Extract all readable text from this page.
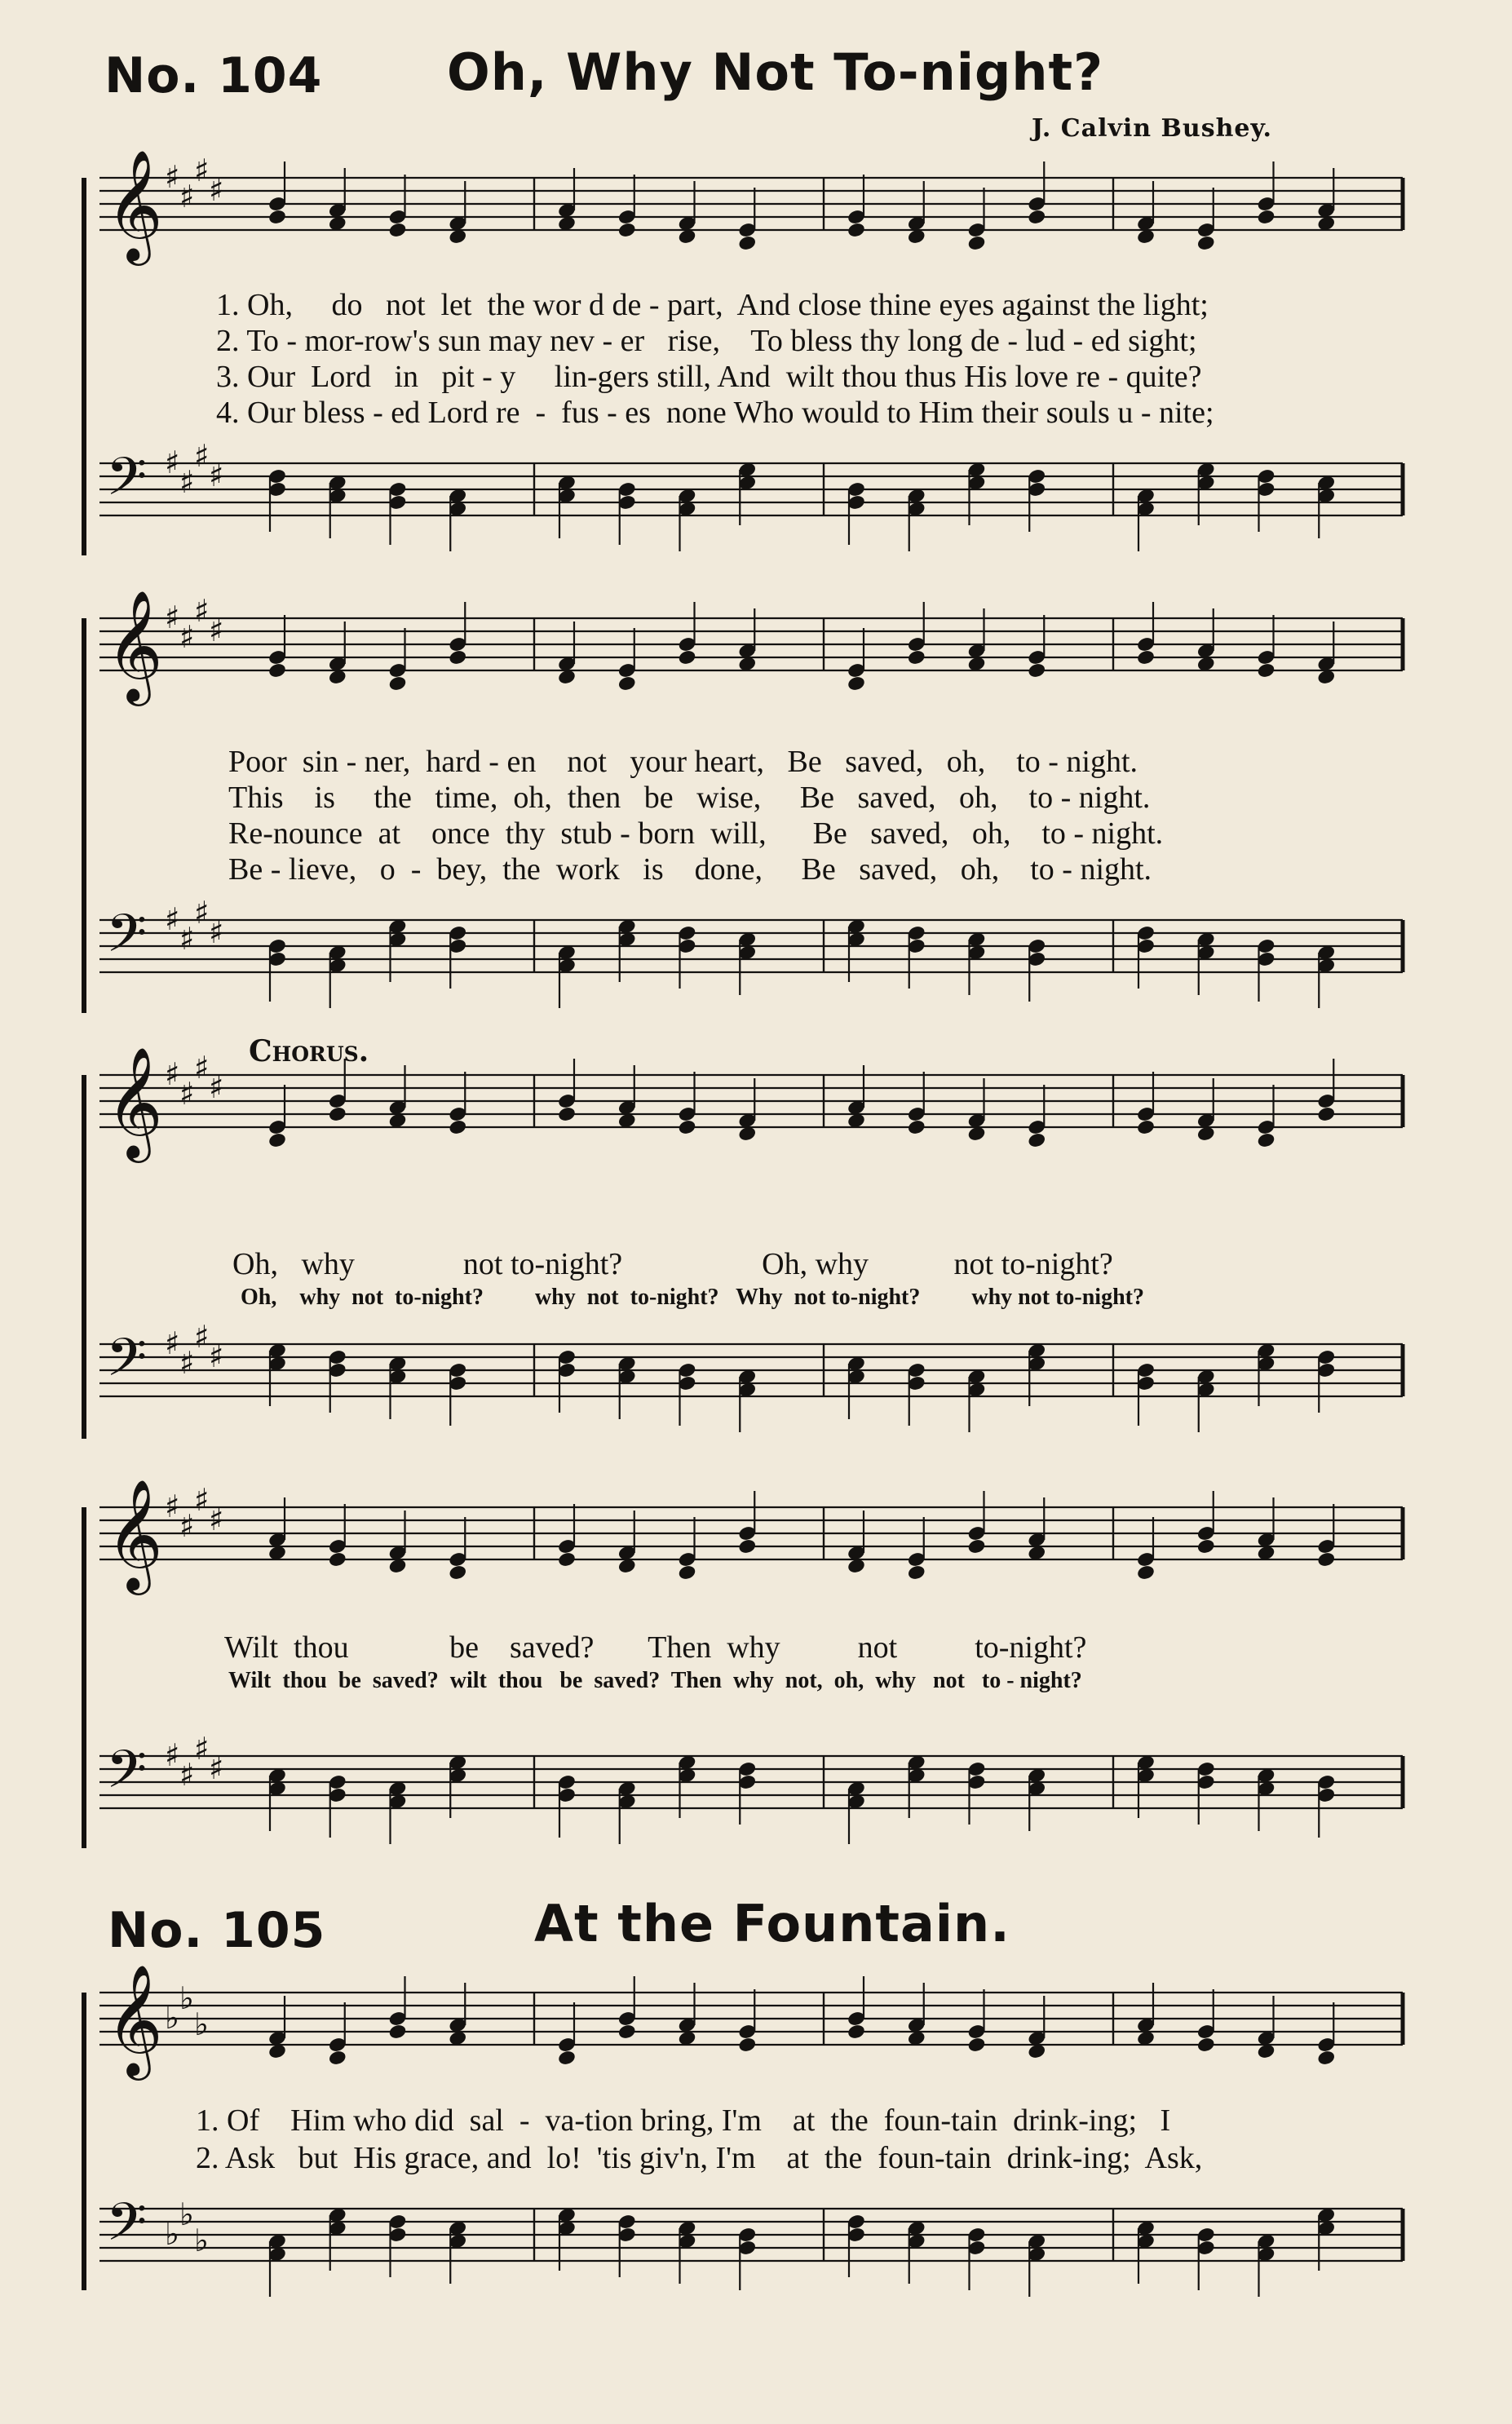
No. 104 Oh, Why Not To-night?
J. Calvin Bushey.
𝄞 ♯
♯
♯
♯
1. Oh,     do   not  let  the wor d de - part,  And close thine eyes against the light;
2. To - mor-row's sun may nev - er   rise,    To bless thy long de - lud - ed sight;
3. Our  Lord   in   pit - y     lin-gers still, And  wilt thou thus His love re - quite?
4. Our bless - ed Lord re  -  fus - es  none Who would to Him their souls u - nite;
𝄢 ♯
♯
♯
♯
𝄞 ♯
♯
♯
♯
Poor  sin - ner,  hard - en    not   your heart,   Be   saved,   oh,    to - night.
This    is     the   time,  oh,  then   be   wise,     Be   saved,   oh,    to - night.
Re-nounce  at    once  thy  stub - born  will,      Be   saved,   oh,    to - night.
Be - lieve,   o  -  bey,  the  work   is    done,     Be   saved,   oh,    to - night.
𝄢 ♯
♯
♯
♯
Chorus.
𝄞 ♯
♯
♯
♯
Oh,   why              not to-night?                  Oh, why           not to-night?
Oh,    why  not  to-night?         why  not  to-night?   Why  not to-night?         why not to-night?
𝄢 ♯
♯
♯
♯
𝄞 ♯
♯
♯
♯
Wilt  thou             be    saved?       Then  why          not          to-night?
Wilt  thou  be  saved?  wilt  thou   be  saved?  Then  why  not,  oh,  why   not   to - night?
𝄢 ♯
♯
♯
♯
No. 105	At the Fountain.
𝄞 ♭
♭
♭
1. Of    Him who did  sal  -  va-tion bring, I'm    at  the  foun-tain  drink-ing;   I
2. Ask   but  His grace, and  lo!  'tis giv'n, I'm    at  the  foun-tain  drink-ing;  Ask,
𝄢 ♭
♭
♭
